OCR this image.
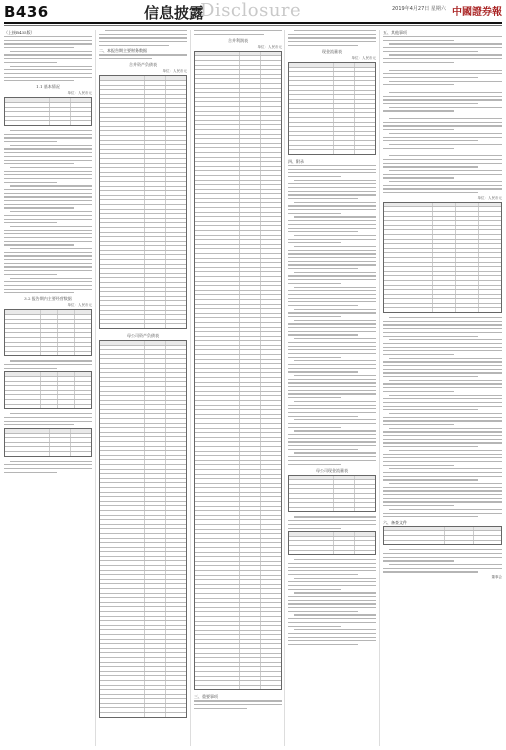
B436	信息披露
Disclosure	2019年4月27日 星期六 中國證券報
（上接B435版）
1.1 基本情况
单位：人民币元
3.2 报告期内主要经营数据
单位：人民币元
二、本报告期主要财务数据
合并资产负债表
单位：人民币元
母公司资产负债表
合并利润表
单位：人民币元
三、重要事项
现金流量表
单位：人民币元
四、附录
母公司现金流量表
五、其他事项
单位：人民币元
六、备查文件
董事会
